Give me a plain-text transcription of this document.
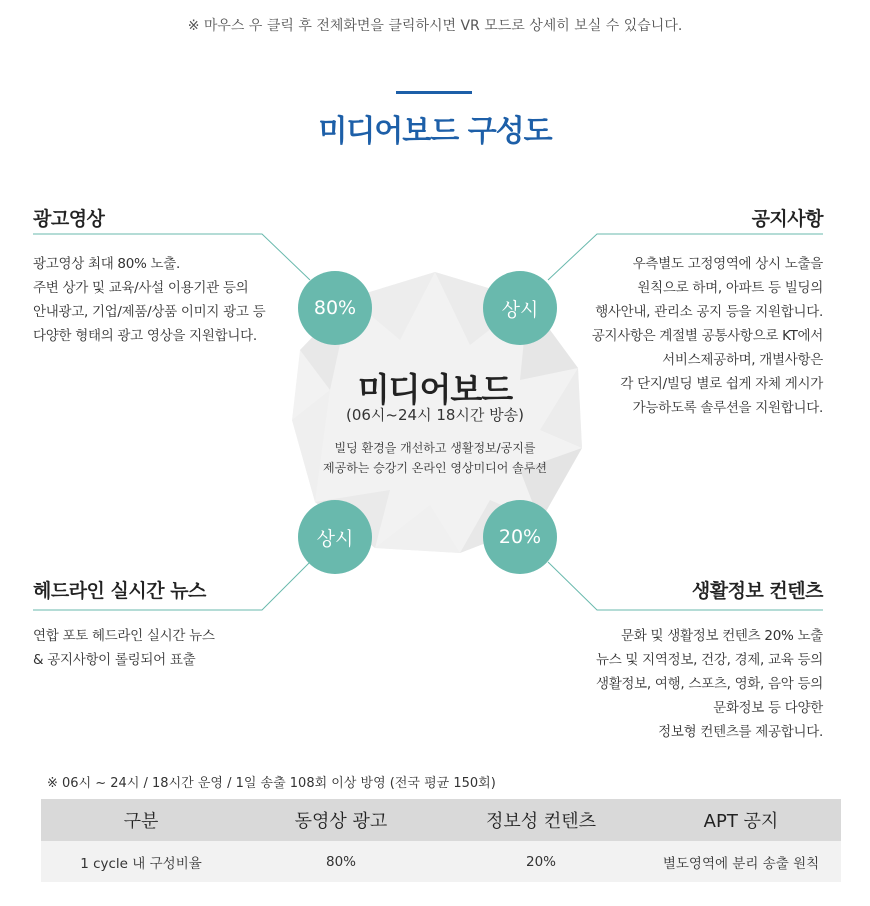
※ 마우스 우 클릭 후 전체화면을 클릭하시면 VR 모드로 상세히 보실 수 있습니다.
미디어보드 구성도
광고영상
광고영상 최대 80% 노출.
주변 상가 및 교육/사설 이용기관 등의
안내광고, 기업/제품/상품 이미지 광고 등
다양한 형태의 광고 영상을 지원합니다.
80%
공지사항
우측별도 고정영역에 상시 노출을
원칙으로 하며, 아파트 등 빌딩의
행사안내, 관리소 공지 등을 지원합니다.
공지사항은 계절별 공통사항으로 KT에서
서비스제공하며, 개별사항은
각 단지/빌딩 별로 쉽게 자체 게시가
가능하도록 솔루션을 지원합니다.
상시
미디어보드
(06시~24시 18시간 방송)
빌딩 환경을 개선하고 생활정보/공지를
제공하는 승강기 온라인 영상미디어 솔루션
상시
헤드라인 실시간 뉴스
연합 포토 헤드라인 실시간 뉴스
& 공지사항이 롤링되어 표출
20%
생활정보 컨텐츠
문화 및 생활정보 컨텐츠 20% 노출
뉴스 및 지역정보, 건강, 경제, 교육 등의
생활정보, 여행, 스포츠, 영화, 음악 등의
문화정보 등 다양한
정보형 컨텐츠를 제공합니다.
※ 06시 ~ 24시 / 18시간 운영 / 1일 송출 108회 이상 방영 (전국 평균 150회)
구분	동영상 광고	정보성 컨텐츠	APT 공지
1 cycle 내 구성비율	80%	20%	별도영역에 분리 송출 원칙
